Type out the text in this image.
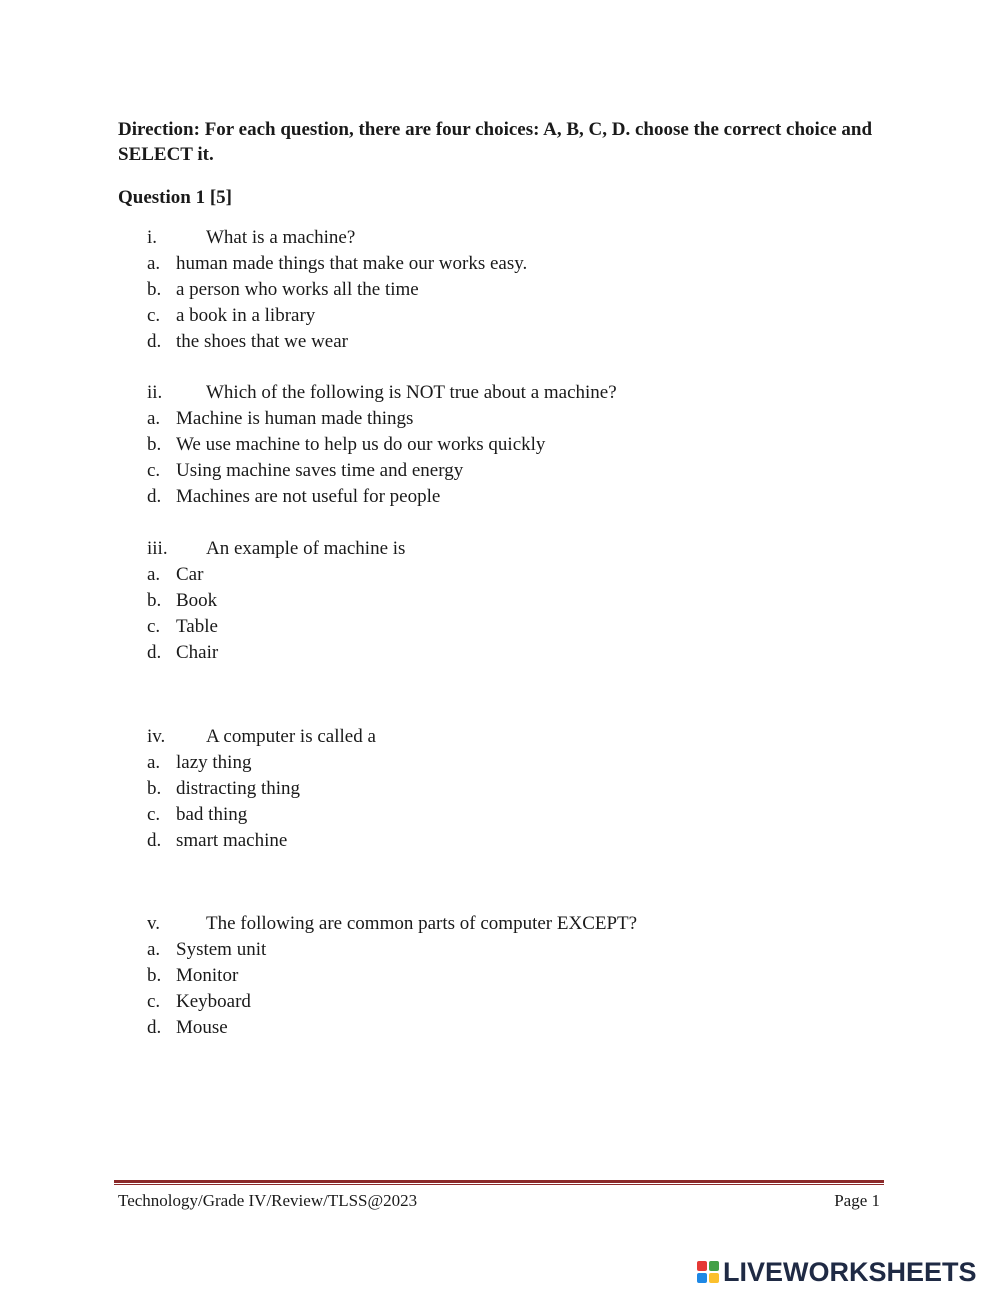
Direction: For each question, there are four choices: A, B, C, D. choose the correct choice and SELECT it.
Question 1 [5]
i.	What is a machine?
a. human made things that make our works easy.
b. a person who works all the time
c. a book in a library
d. the shoes that we wear
ii. Which of the following is NOT true about a machine?
a. Machine is human made things
b. We use machine to help us do our works quickly
c. Using machine saves time and energy
d. Machines are not useful for people
iii. An example of machine is
a. Car
b. Book
c. Table
d. Chair
iv. A computer is called a
a. lazy thing
b. distracting thing
c. bad thing
d. smart machine
v. The following are common parts of computer EXCEPT?
a. System unit
b. Monitor
c. Keyboard
d. Mouse
Technology/Grade IV/Review/TLSS@2023	Page 1
LIVEWORKSHEETS
